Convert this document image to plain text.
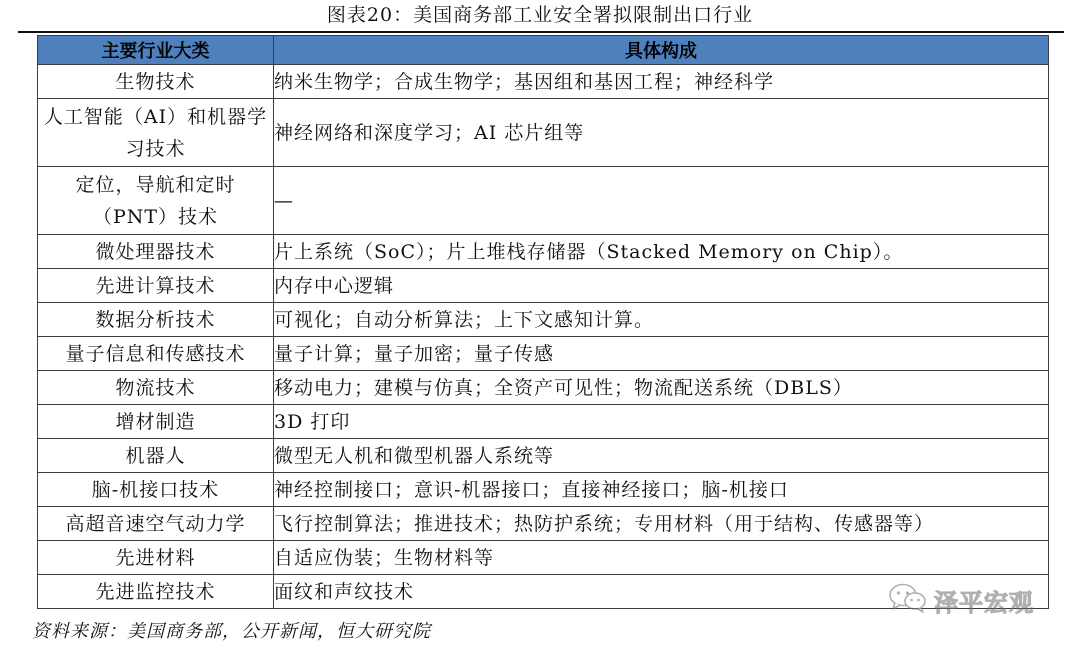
图表20：美国商务部工业安全署拟限制出口行业
主要行业大类	具体构成
生物技术	纳米生物学；合成生物学；基因组和基因工程；神经科学
人工智能（AI）和机器学习技术	神经网络和深度学习；AI 芯片组等
定位，导航和定时（PNT）技术	—
微处理器技术	片上系统（SoC）；片上堆栈存储器（Stacked Memory on Chip）。
先进计算技术	内存中心逻辑
数据分析技术	可视化；自动分析算法；上下文感知计算。
量子信息和传感技术	量子计算；量子加密；量子传感
物流技术	移动电力；建模与仿真；全资产可见性；物流配送系统（DBLS）
增材制造	3D 打印
机器人	微型无人机和微型机器人系统等
脑-机接口技术	神经控制接口；意识-机器接口；直接神经接口；脑-机接口
高超音速空气动力学	飞行控制算法；推进技术；热防护系统；专用材料（用于结构、传感器等）
先进材料	自适应伪装；生物材料等
先进监控技术	面纹和声纹技术	泽平宏观
资料来源：美国商务部，公开新闻，恒大研究院
